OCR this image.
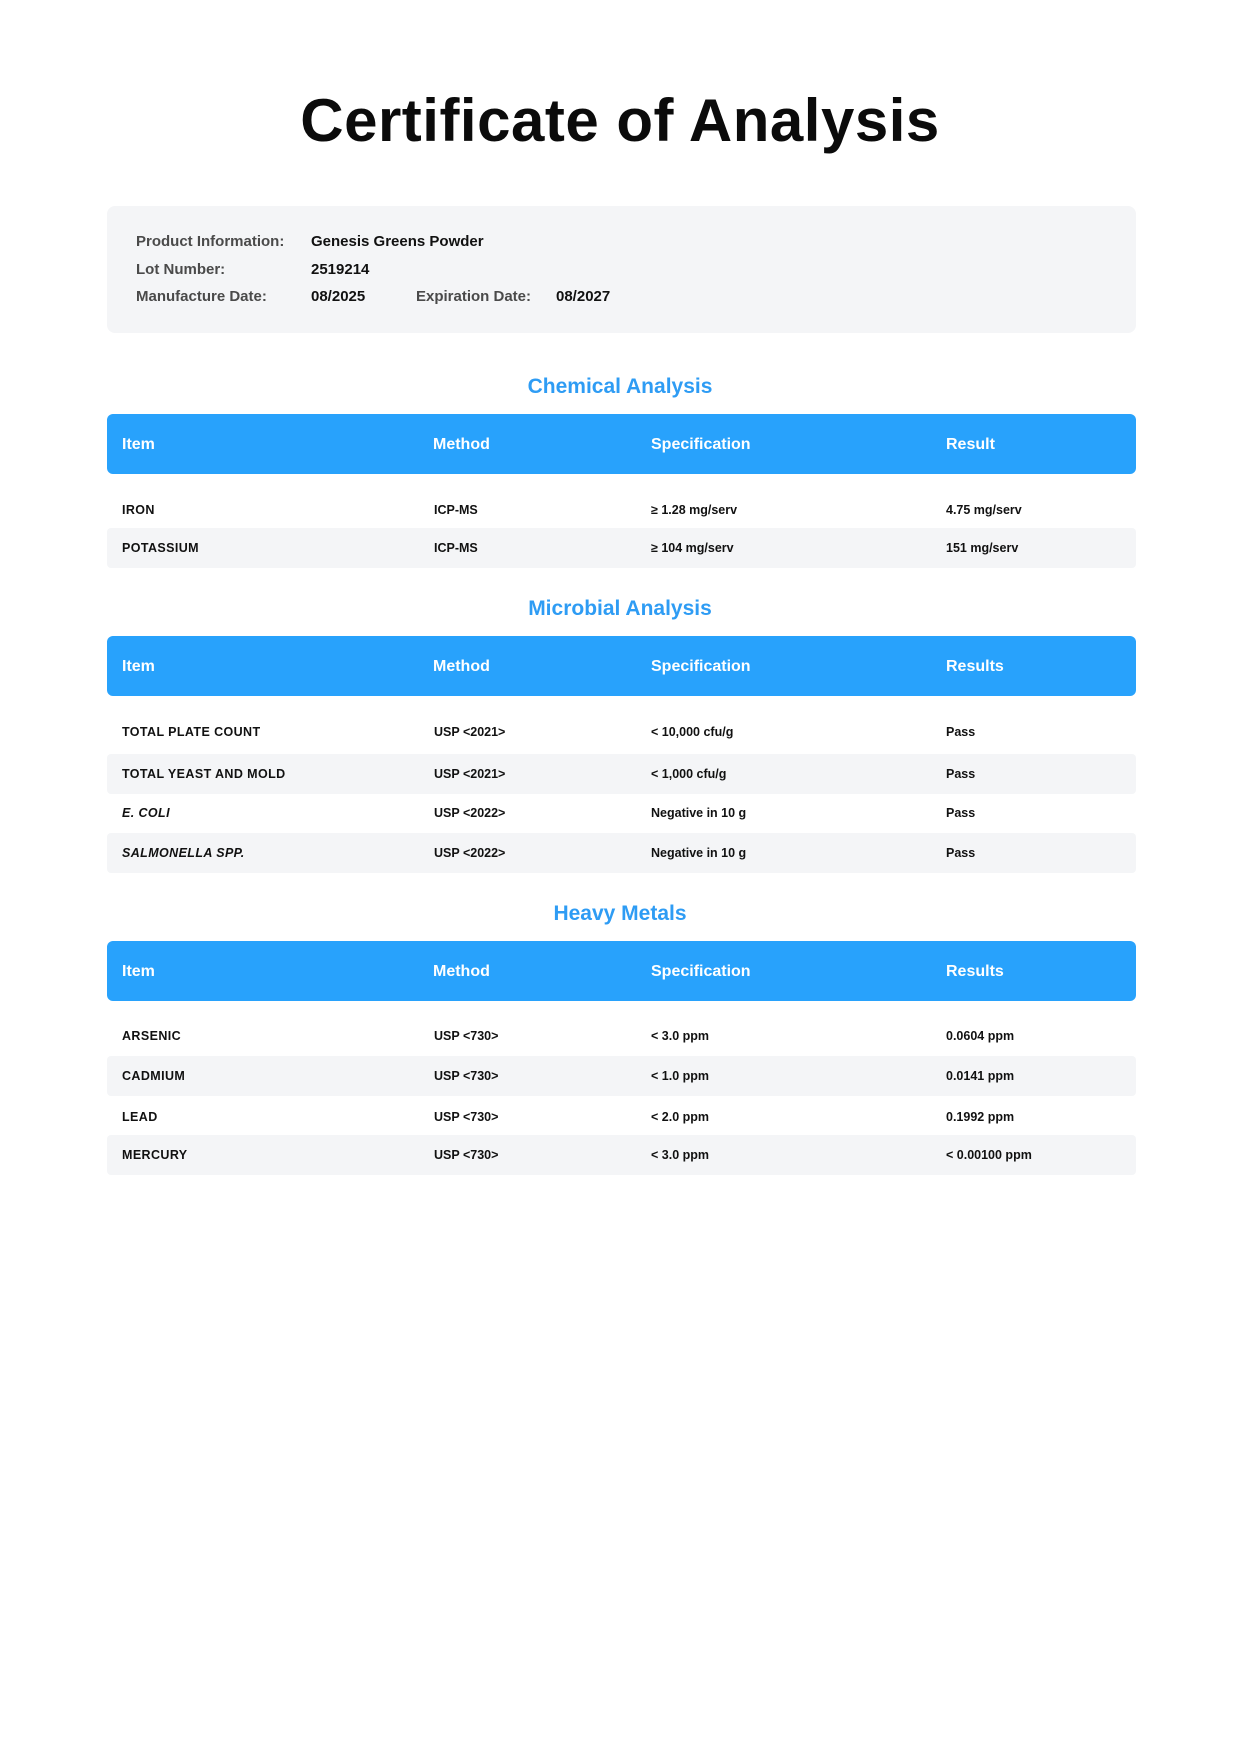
Certificate of Analysis
Product Information: Genesis Greens Powder
Lot Number:	2519214
Manufacture Date:	08/2025	Expiration Date: 08/2027
Chemical Analysis
Item	Method	Specification	Result
IRON	ICP-MS	≥ 1.28 mg/serv	4.75 mg/serv
POTASSIUM	ICP-MS	≥ 104 mg/serv	151 mg/serv
Microbial Analysis
Item	Method	Specification	Results
TOTAL PLATE COUNT	USP <2021>	< 10,000 cfu/g	Pass
TOTAL YEAST AND MOLD	USP <2021>	< 1,000 cfu/g	Pass
E. COLI	USP <2022>	Negative in 10 g	Pass
SALMONELLA SPP.	USP <2022>	Negative in 10 g	Pass
Heavy Metals
Item	Method	Specification	Results
ARSENIC	USP <730>	< 3.0 ppm	0.0604 ppm
CADMIUM	USP <730>	< 1.0 ppm	0.0141 ppm
LEAD	USP <730>	< 2.0 ppm	0.1992 ppm
MERCURY	USP <730>	< 3.0 ppm	< 0.00100 ppm
